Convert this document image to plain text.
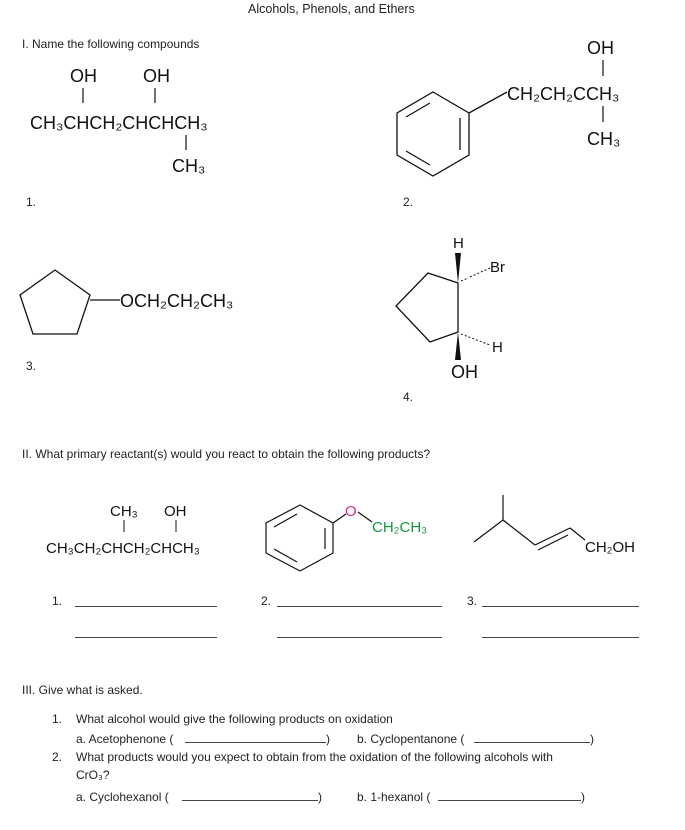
Alcohols, Phenols, and Ethers
I. Name the following compounds
1.	2.
3.
4.
OH	OH
CH₃CHCH₂CHCHCH₃
CH₃
OH
CH₂CH₂CCH₃
CH₃
OCH₂CH₂CH₃
H
Br
H
OH
CH₃ OH
CH₃CH₂CHCH₂CHCH₃
O
CH₂CH₃
CH₂OH
II. What primary reactant(s) would you react to obtain the following products?
1.	2.	3.
III. Give what is asked.
1. What alcohol would give the following products on oxidation
a. Acetophenone (	) b. Cyclopentanone (	)
2. What products would you expect to obtain from the oxidation of the following alcohols with
CrO₃?
a. Cyclohexanol (	)	b. 1-hexanol (	)
